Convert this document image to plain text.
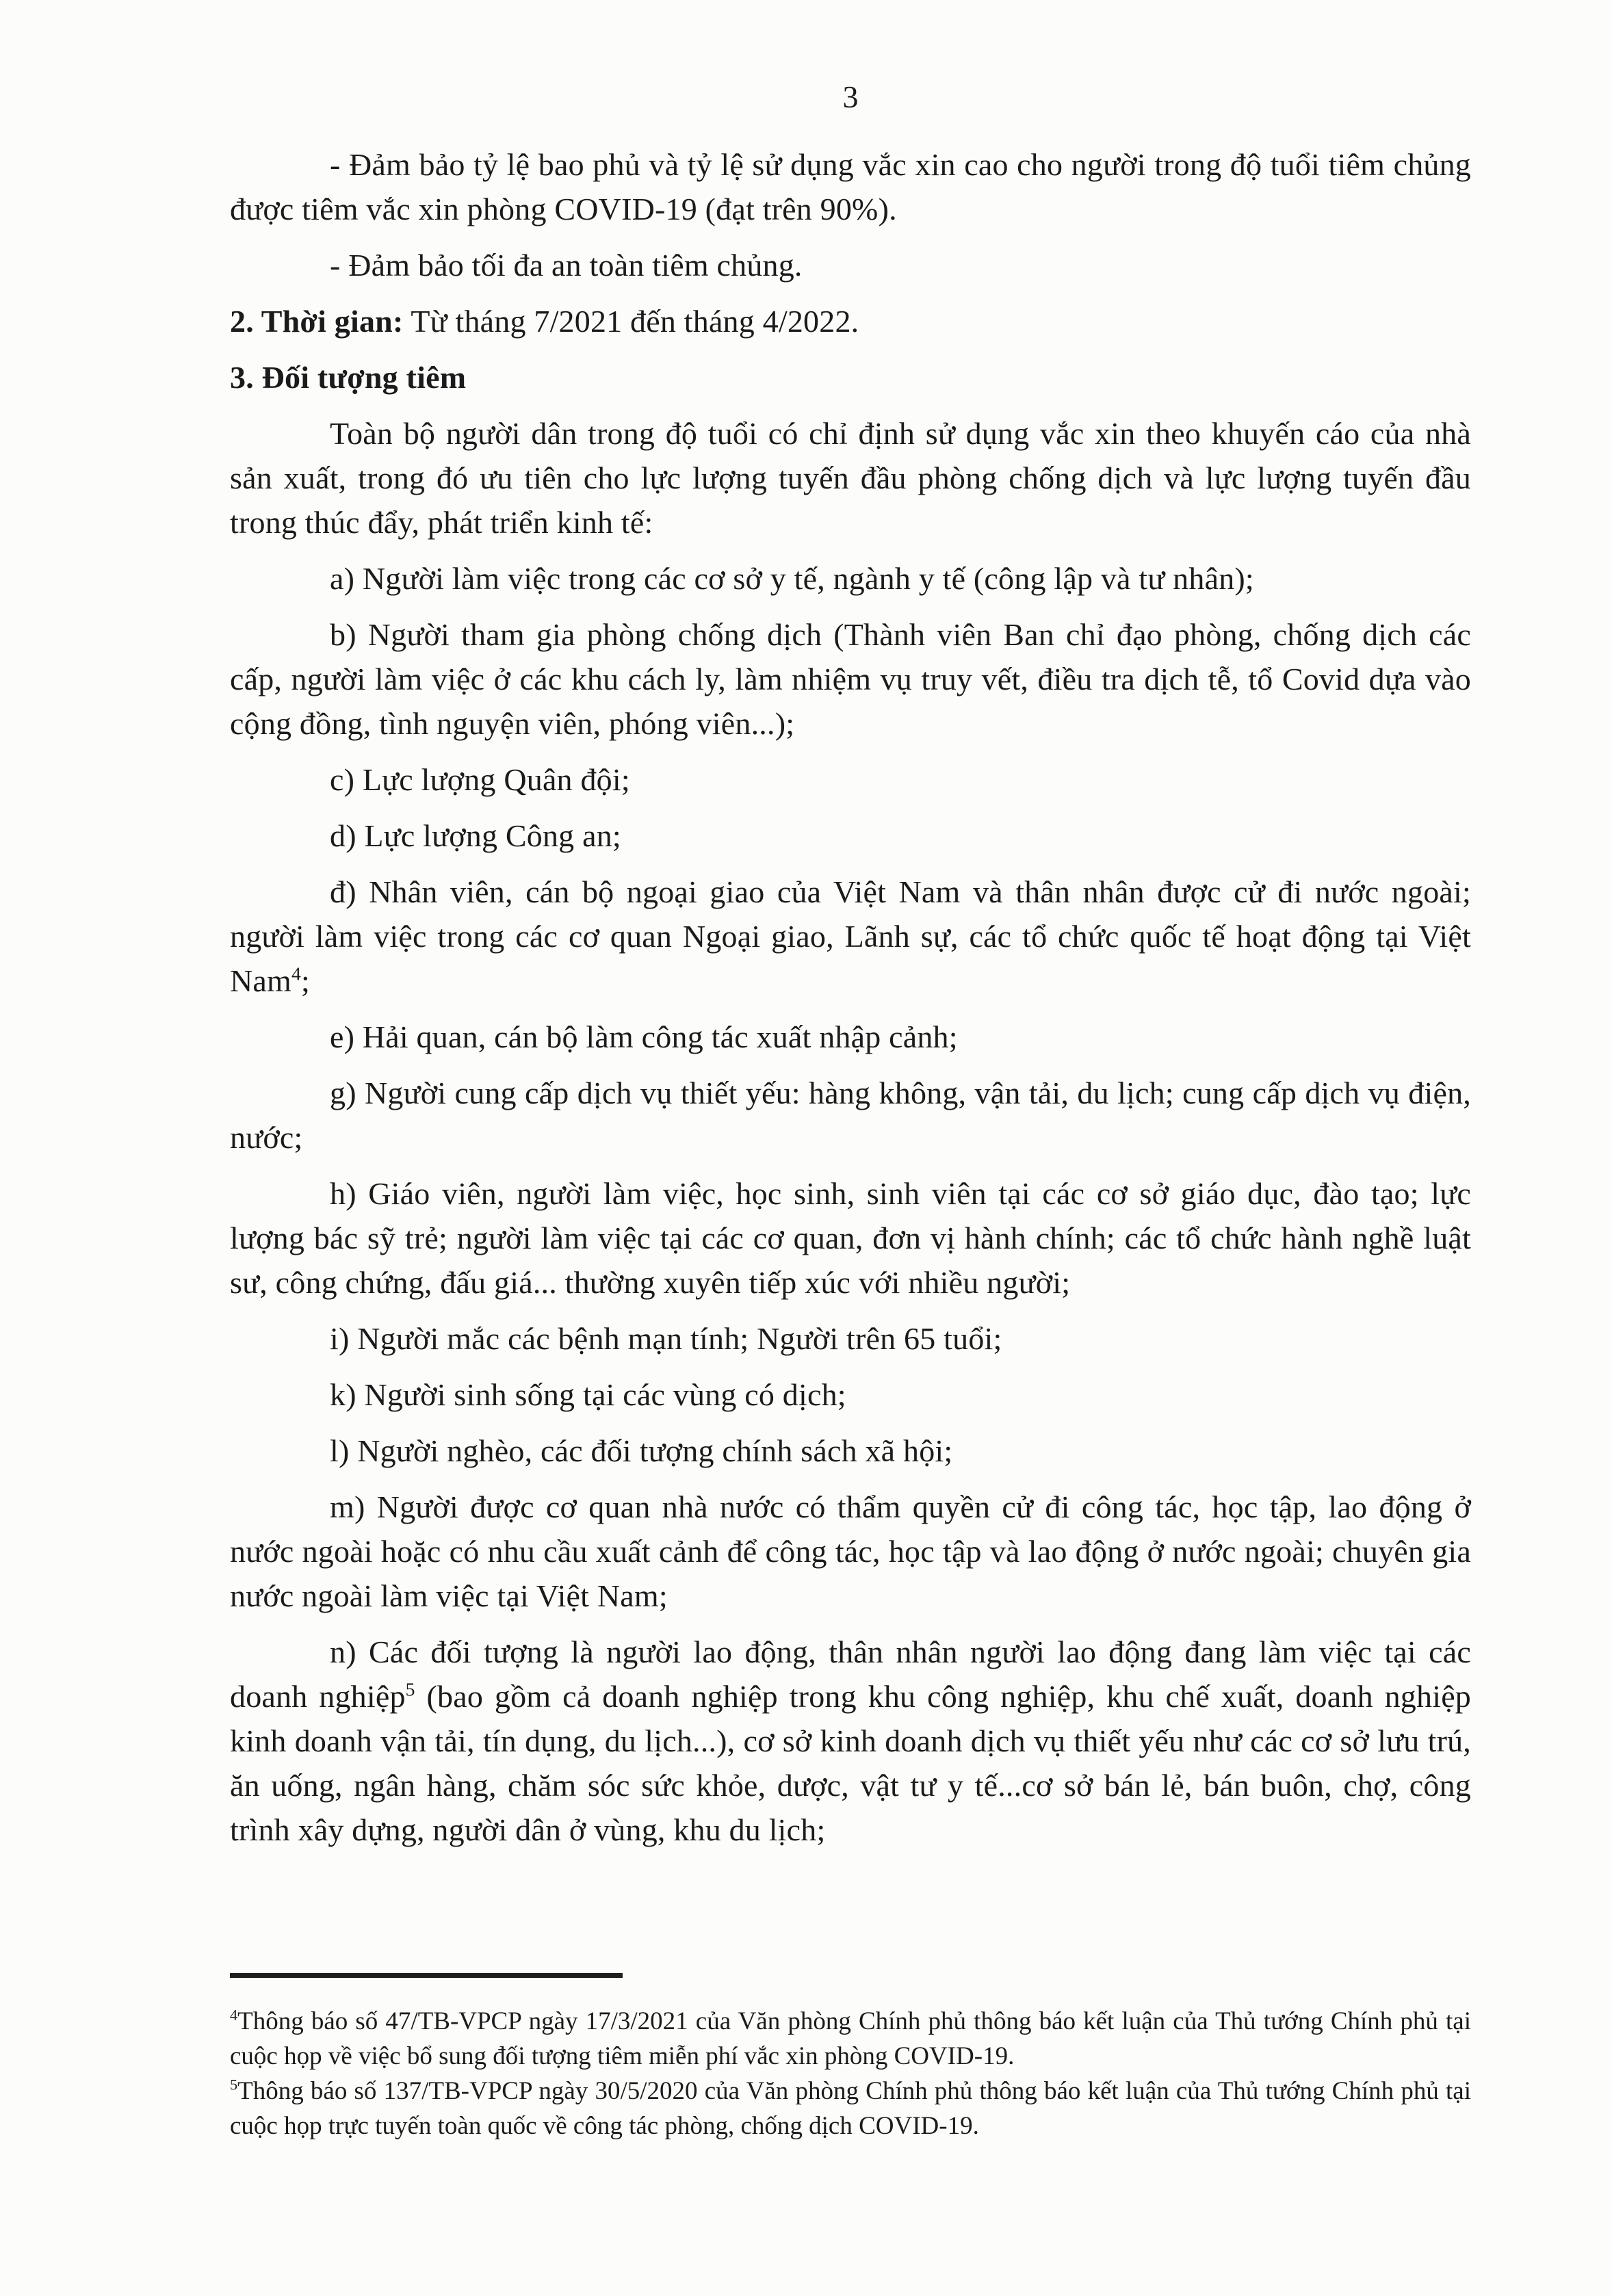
3

- Đảm bảo tỷ lệ bao phủ và tỷ lệ sử dụng vắc xin cao cho người trong độ tuổi tiêm chủng được tiêm vắc xin phòng COVID-19 (đạt trên 90%).

- Đảm bảo tối đa an toàn tiêm chủng.

2. Thời gian: Từ tháng 7/2021 đến tháng 4/2022.

3. Đối tượng tiêm

Toàn bộ người dân trong độ tuổi có chỉ định sử dụng vắc xin theo khuyến cáo của nhà sản xuất, trong đó ưu tiên cho lực lượng tuyến đầu phòng chống dịch và lực lượng tuyến đầu trong thúc đẩy, phát triển kinh tế:

a) Người làm việc trong các cơ sở y tế, ngành y tế (công lập và tư nhân);

b) Người tham gia phòng chống dịch (Thành viên Ban chỉ đạo phòng, chống dịch các cấp, người làm việc ở các khu cách ly, làm nhiệm vụ truy vết, điều tra dịch tễ, tổ Covid dựa vào cộng đồng, tình nguyện viên, phóng viên...);

c) Lực lượng Quân đội;

d) Lực lượng Công an;

đ) Nhân viên, cán bộ ngoại giao của Việt Nam và thân nhân được cử đi nước ngoài; người làm việc trong các cơ quan Ngoại giao, Lãnh sự, các tổ chức quốc tế hoạt động tại Việt Nam$^4$;

e) Hải quan, cán bộ làm công tác xuất nhập cảnh;

g) Người cung cấp dịch vụ thiết yếu: hàng không, vận tải, du lịch; cung cấp dịch vụ điện, nước;

h) Giáo viên, người làm việc, học sinh, sinh viên tại các cơ sở giáo dục, đào tạo; lực lượng bác sỹ trẻ; người làm việc tại các cơ quan, đơn vị hành chính; các tổ chức hành nghề luật sư, công chứng, đấu giá... thường xuyên tiếp xúc với nhiều người;

i) Người mắc các bệnh mạn tính; Người trên 65 tuổi;

k) Người sinh sống tại các vùng có dịch;

l) Người nghèo, các đối tượng chính sách xã hội;

m) Người được cơ quan nhà nước có thẩm quyền cử đi công tác, học tập, lao động ở nước ngoài hoặc có nhu cầu xuất cảnh để công tác, học tập và lao động ở nước ngoài; chuyên gia nước ngoài làm việc tại Việt Nam;

n) Các đối tượng là người lao động, thân nhân người lao động đang làm việc tại các doanh nghiệp$^5$ (bao gồm cả doanh nghiệp trong khu công nghiệp, khu chế xuất, doanh nghiệp kinh doanh vận tải, tín dụng, du lịch...), cơ sở kinh doanh dịch vụ thiết yếu như các cơ sở lưu trú, ăn uống, ngân hàng, chăm sóc sức khỏe, dược, vật tư y tế...cơ sở bán lẻ, bán buôn, chợ, công trình xây dựng, người dân ở vùng, khu du lịch;

$^4$Thông báo số 47/TB-VPCP ngày 17/3/2021 của Văn phòng Chính phủ thông báo kết luận của Thủ tướng Chính phủ tại cuộc họp về việc bổ sung đối tượng tiêm miễn phí vắc xin phòng COVID-19.

$^5$Thông báo số 137/TB-VPCP ngày 30/5/2020 của Văn phòng Chính phủ thông báo kết luận của Thủ tướng Chính phủ tại cuộc họp trực tuyến toàn quốc về công tác phòng, chống dịch COVID-19.
